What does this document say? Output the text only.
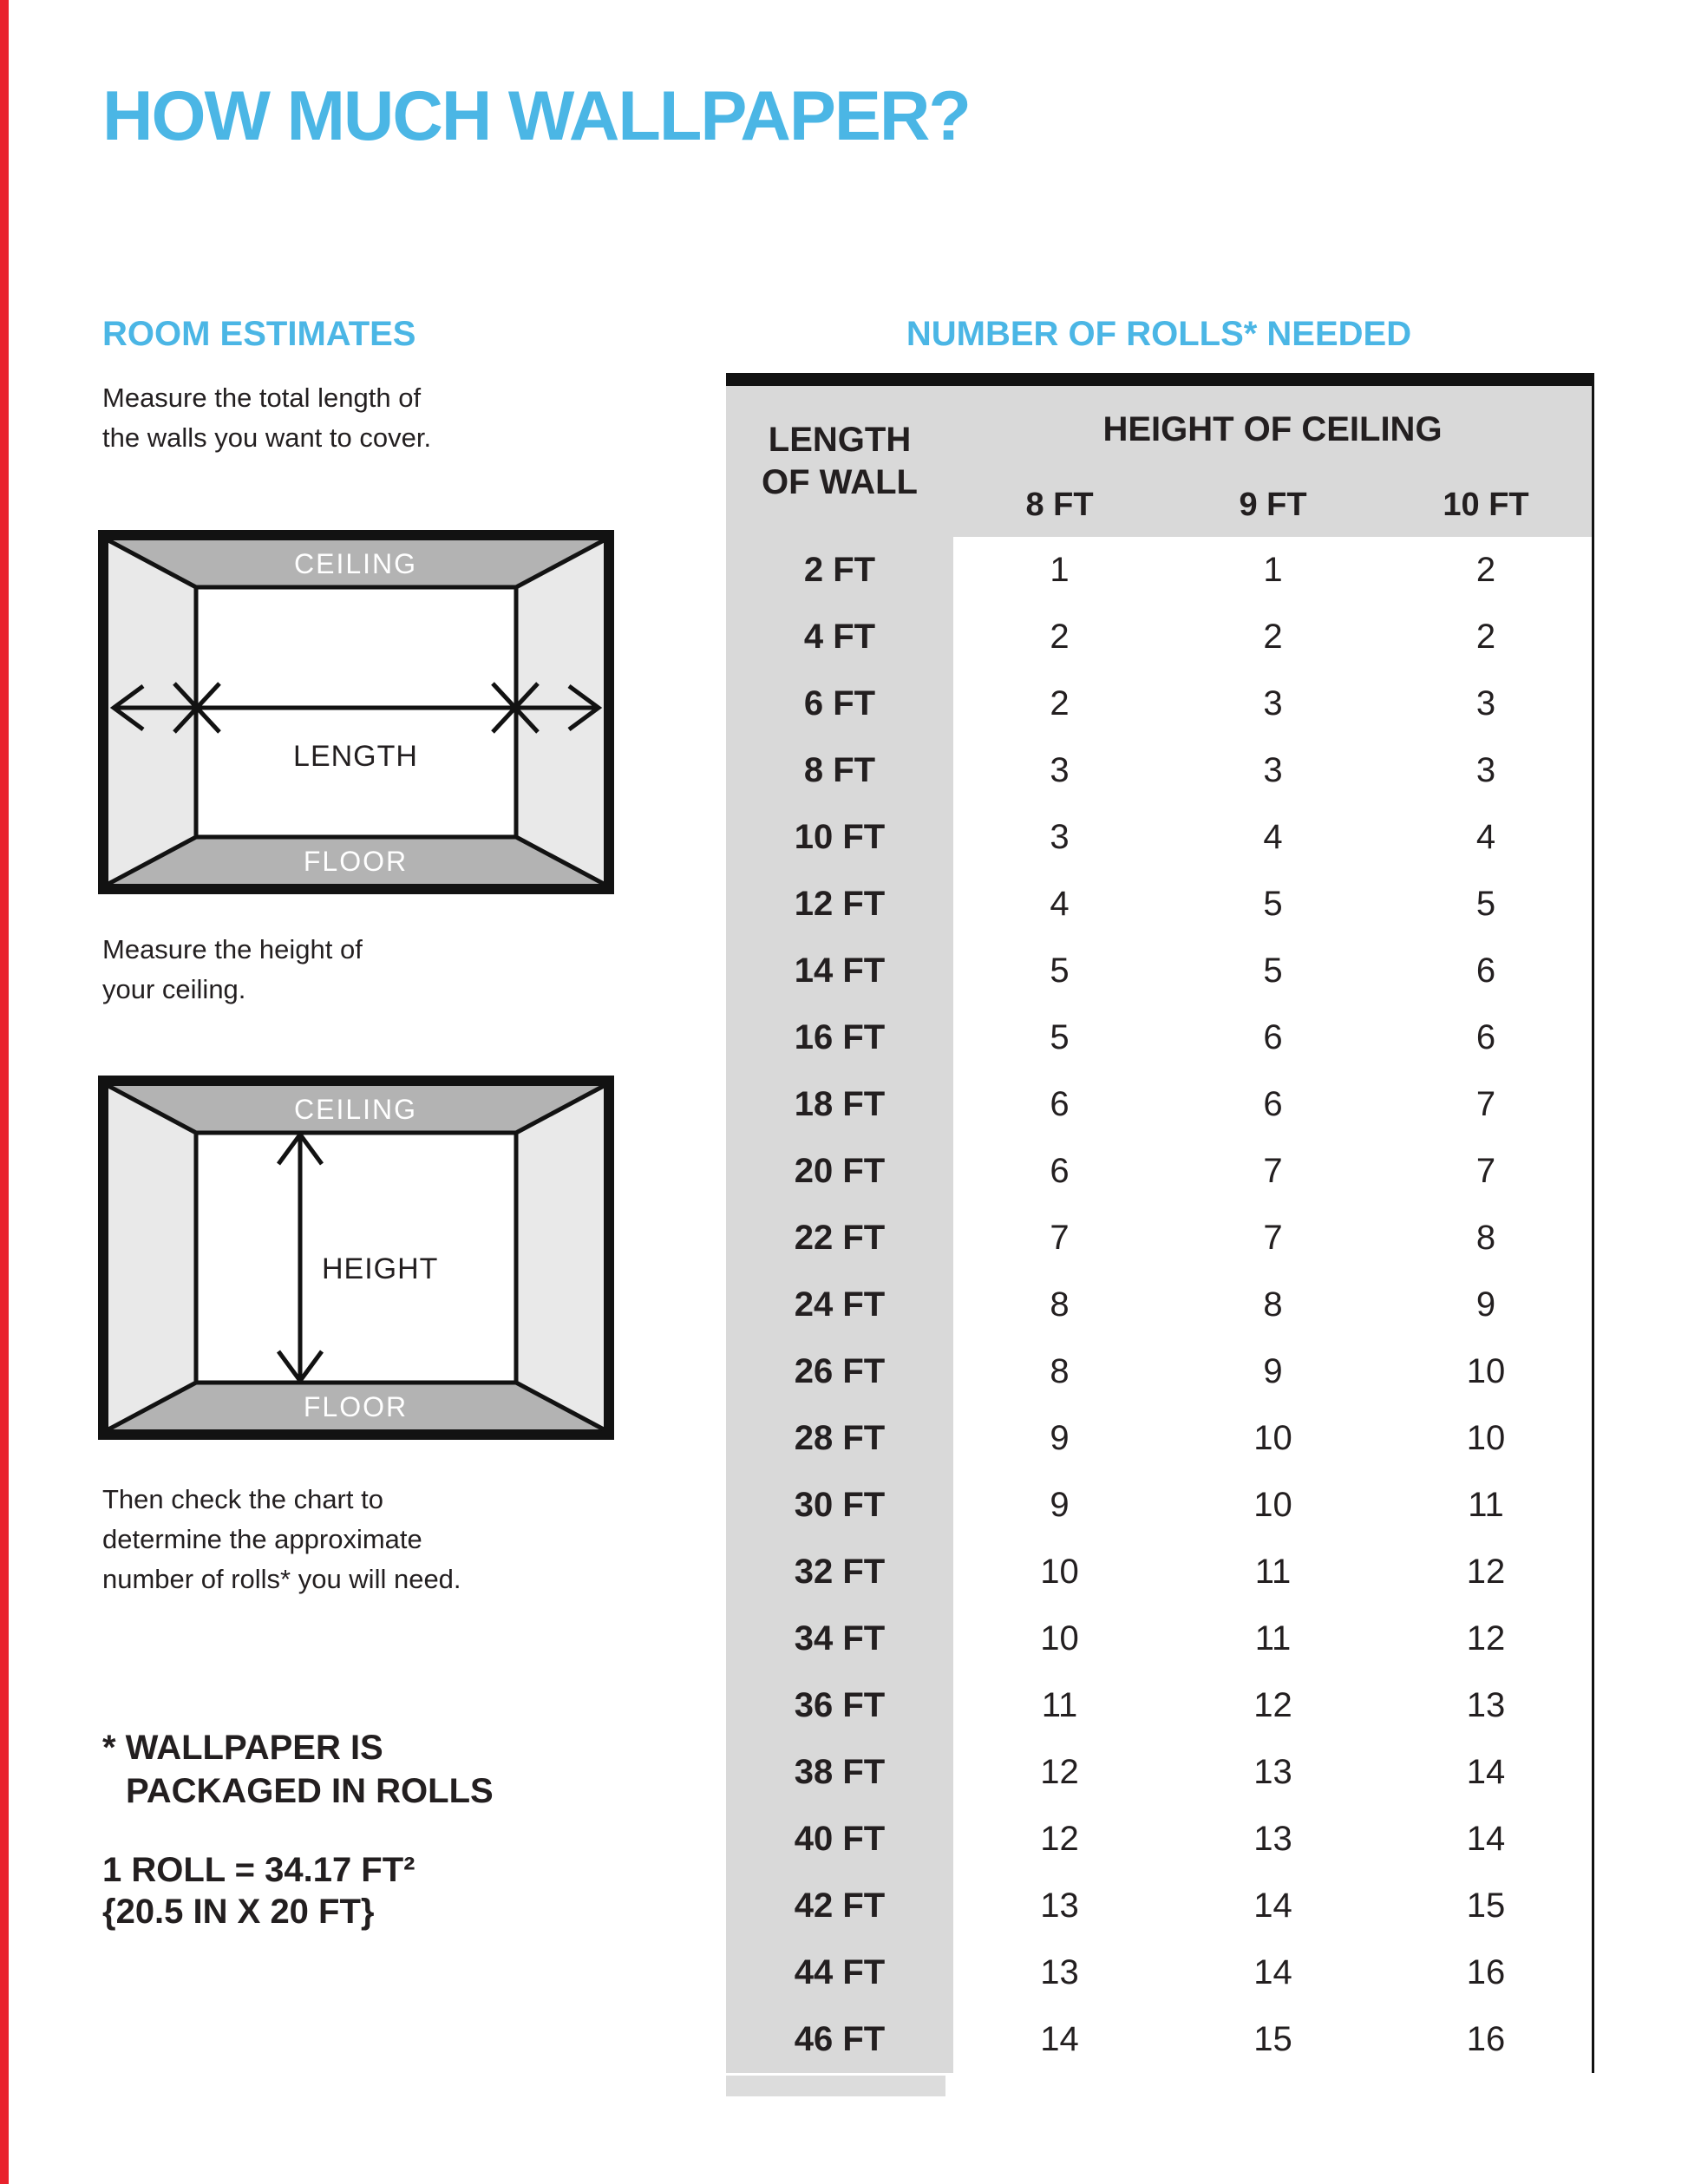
HOW MUCH WALLPAPER?
ROOM ESTIMATES

Measure the total length of
the walls you want to cover.

CEILING
FLOOR
LENGTH

Measure the height of
your ceiling.

CEILING
FLOOR
HEIGHT

Then check the chart to
determine the approximate
number of rolls* you will need.

* WALLPAPER IS
PACKAGED IN ROLLS

1 ROLL = 34.17 FT²
{20.5 IN X 20 FT}

NUMBER OF ROLLS* NEEDED
LENGTH
OF WALL	HEIGHT OF CEILING		
	8 FT	9 FT	10 FT
2 FT	1	1	2
4 FT	2	2	2
6 FT	2	3	3
8 FT	3	3	3
10 FT	3	4	4
12 FT	4	5	5
14 FT	5	5	6
16 FT	5	6	6
18 FT	6	6	7
20 FT	6	7	7
22 FT	7	7	8
24 FT	8	8	9
26 FT	8	9	10
28 FT	9	10	10
30 FT	9	10	11
32 FT	10	11	12
34 FT	10	11	12
36 FT	11	12	13
38 FT	12	13	14
40 FT	12	13	14
42 FT	13	14	15
44 FT	13	14	16
46 FT	14	15	16
